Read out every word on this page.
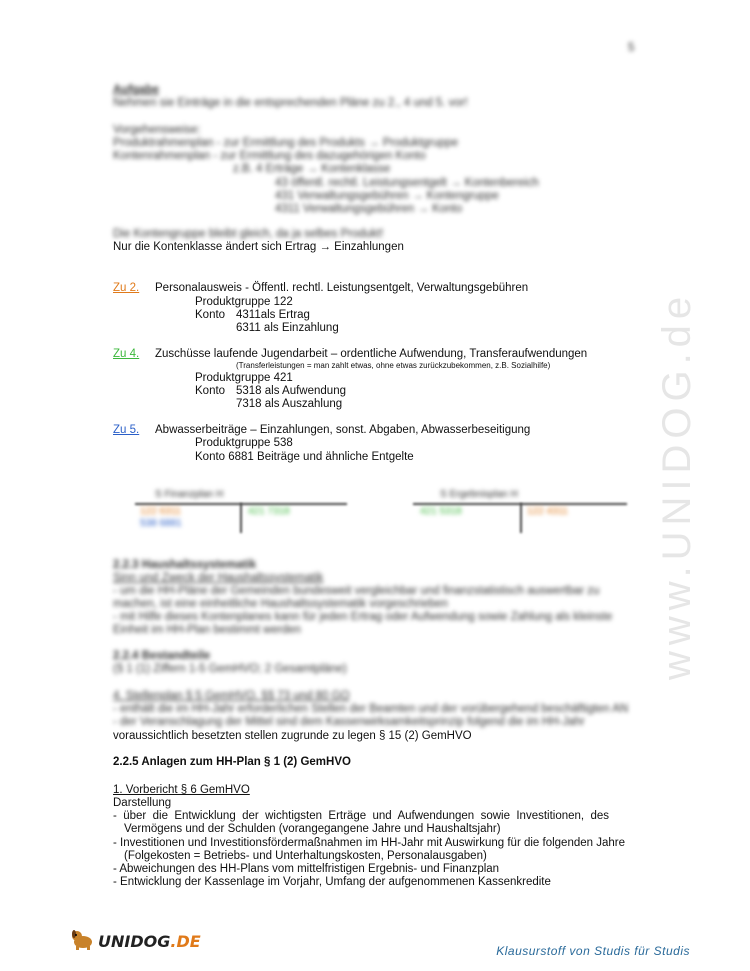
5
Aufgabe
Nehmen sie Einträge in die entsprechenden Pläne zu 2., 4 und 5. vor!
Vorgehensweise:
Produktrahmenplan - zur Ermittlung des Produkts → Produktgruppe
Kontenrahmenplan - zur Ermittlung des dazugehörigen Konto
z.B. 4 Erträge → Kontenklasse
43 öffentl. rechtl. Leistungsentgelt → Kontenbereich
431 Verwaltungsgebühren → Kontengruppe
4311 Verwaltungsgebühren → Konto
Die Kontengruppe bleibt gleich, da ja selbes Produkt!
Nur die Kontenklasse ändert sich Ertrag → Einzahlungen
Zu 2. Personalausweis - Öffentl. rechtl. Leistungsentgelt, Verwaltungsgebühren
Produktgruppe 122
Konto 4311als Ertrag
6311 als Einzahlung
Zu 4. Zuschüsse laufende Jugendarbeit – ordentliche Aufwendung, Transferaufwendungen
(Transferleistungen = man zahlt etwas, ohne etwas zurückzubekommen, z.B. Sozialhilfe)
Produktgruppe 421
Konto 5318 als Aufwendung
7318 als Auszahlung
Zu 5. Abwasserbeiträge – Einzahlungen, sonst. Abgaben, Abwasserbeseitigung
Produktgruppe 538
Konto 6881 Beiträge und ähnliche Entgelte
S Finanzplan H
122 6311
538 6881
421 7318
S Ergebnisplan H
421 5318	122 4311
2.2.3 Haushaltssystematik
Sinn und Zweck der Haushaltssystematik
- um die HH-Pläne der Gemeinden bundesweit vergleichbar und finanzstatistisch auswertbar zu
machen, ist eine einheitliche Haushaltssystematik vorgeschrieben
- mit Hilfe dieses Kontenplanes kann für jeden Ertrag oder Aufwendung sowie Zahlung als kleinste
Einheit im HH-Plan bestimmt werden
2.2.4 Bestandteile
(§ 1 (1) Ziffern 1-5 GemHVO; 2 Gesamtpläne)
4. Stellenplan § 5 GemHVO, §§ 73 und 80 GO
- enthält die im HH-Jahr erforderlichen Stellen der Beamten und der vorübergehend beschäftigten AN
- der Veranschlagung der Mittel sind dem Kassenwirksamkeitsprinzip folgend die im HH-Jahr
voraussichtlich besetzten stellen zugrunde zu legen § 15 (2) GemHVO
2.2.5 Anlagen zum HH-Plan § 1 (2) GemHVO
1. Vorbericht § 6 GemHVO
Darstellung
-  über  die  Entwicklung  der  wichtigsten  Erträge  und  Aufwendungen  sowie  Investitionen,  des
Vermögens und der Schulden (vorangegangene Jahre und Haushaltsjahr)
- Investitionen und Investitionsfördermaßnahmen im HH-Jahr mit Auswirkung für die folgenden Jahre
(Folgekosten = Betriebs- und Unterhaltungskosten, Personalausgaben)
- Abweichungen des HH-Plans vom mittelfristigen Ergebnis- und Finanzplan
- Entwicklung der Kassenlage im Vorjahr, Umfang der aufgenommenen Kassenkredite
www.UNIDOG.de
UNIDOG.DE	Klausurstoff von Studis für Studis
